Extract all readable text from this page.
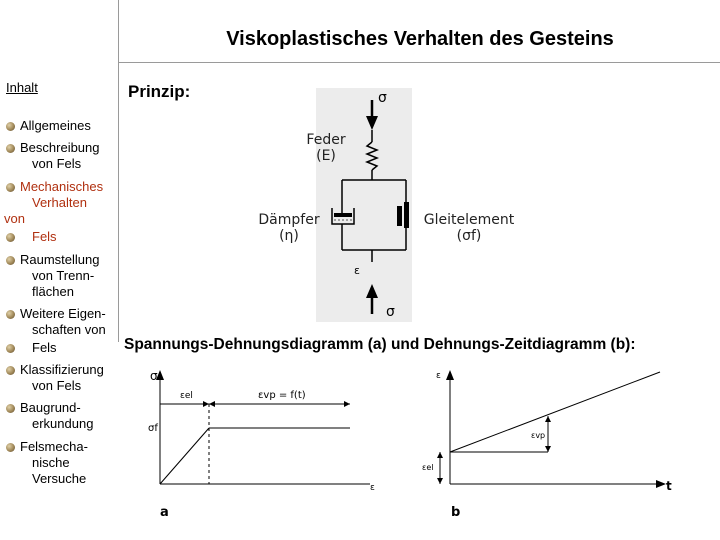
Viskoplastisches Verhalten des Gesteins
Inhalt
Allgemeines
Beschreibung
von Fels
Mechanisches
Verhalten
von
Fels
Raumstellung
von Trenn-
flächen
Weitere Eigen-
schaften von
Fels
Klassifizierung
von Fels
Baugrund-
erkundung
Felsmecha-
nische
Versuche
Prinzip:	σ
ε
σ
Feder
(E)
Dämpfer
(η)
Gleitelement
(σf)
Spannungs-Dehnungsdiagramm (a) und Dehnungs-Zeitdiagramm (b):
σ
ε
σf
εel	εvp = f(t)
a
ε
t
εvp
εel
b
